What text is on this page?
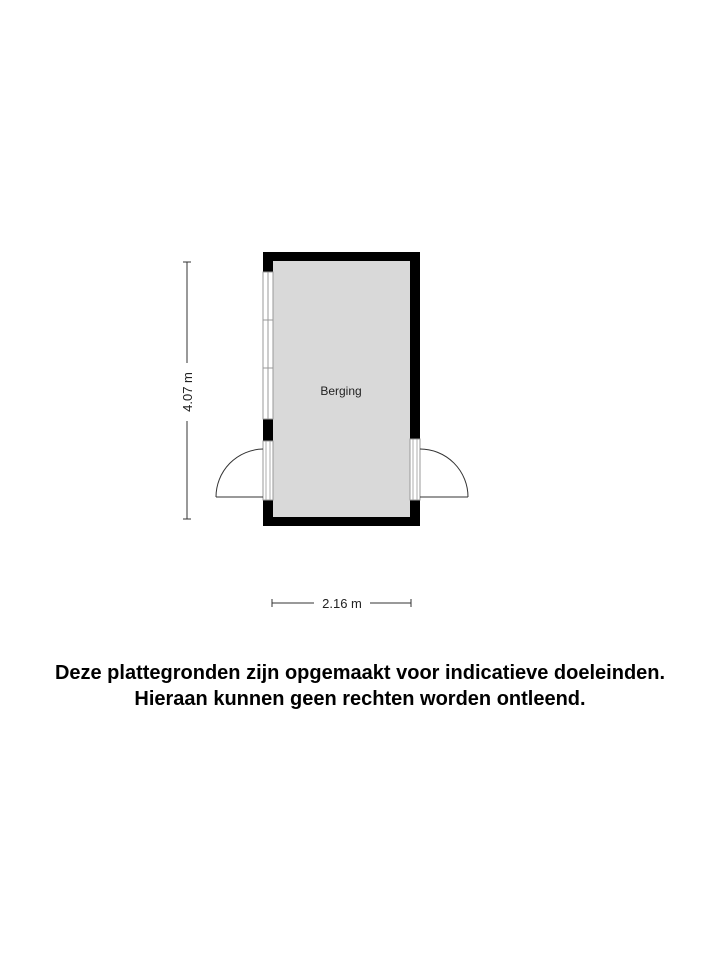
Berging
4.07 m
2.16 m
Deze plattegronden zijn opgemaakt voor indicatieve doeleinden.
Hieraan kunnen geen rechten worden ontleend.
